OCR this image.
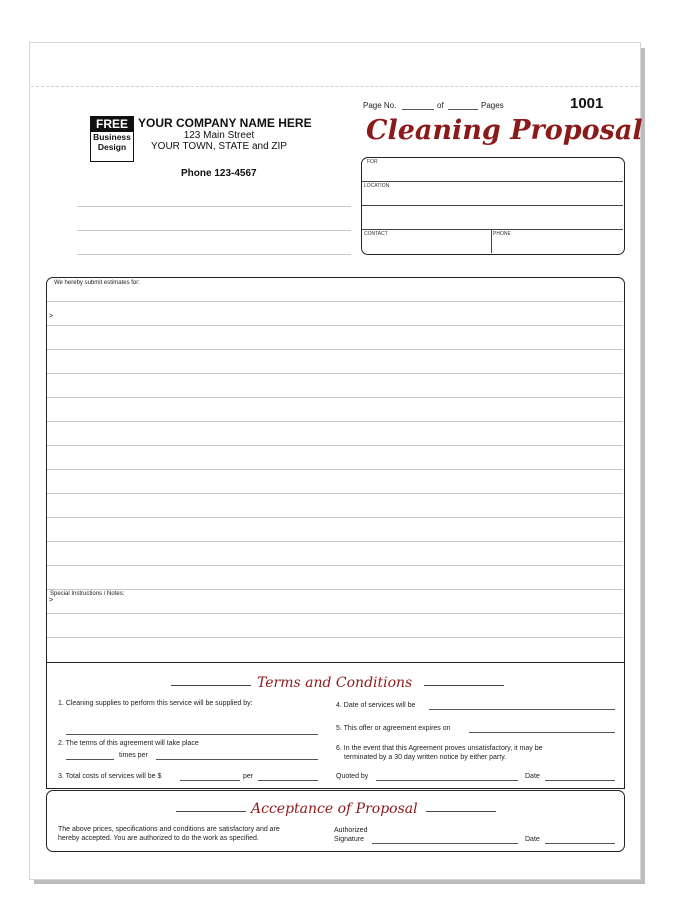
FREE
Business
Design
YOUR COMPANY NAME HERE
123 Main Street
YOUR TOWN, STATE and ZIP
Phone 123-4567
Page No.	of	Pages	1001
Cleaning Proposal
FOR
LOCATION
CONTACT	PHONE
We hereby submit estimates for:
>
Special Instructions / Notes:
>
Terms and Conditions
1. Cleaning supplies to perform this service will be supplied by:
2. The terms of this agreement will take place
times per
3. Total costs of services will be $	per
4. Date of services will be
5. This offer or agreement expires on
6. In the event that this Agreement proves unsatisfactory, it may be
terminated by a 30 day written notice by either party.
Quoted by	Date
Acceptance of Proposal
The above prices, specifications and conditions are satisfactory and are
hereby accepted. You are authorized to do the work as specified.
Authorized
Signature	Date
